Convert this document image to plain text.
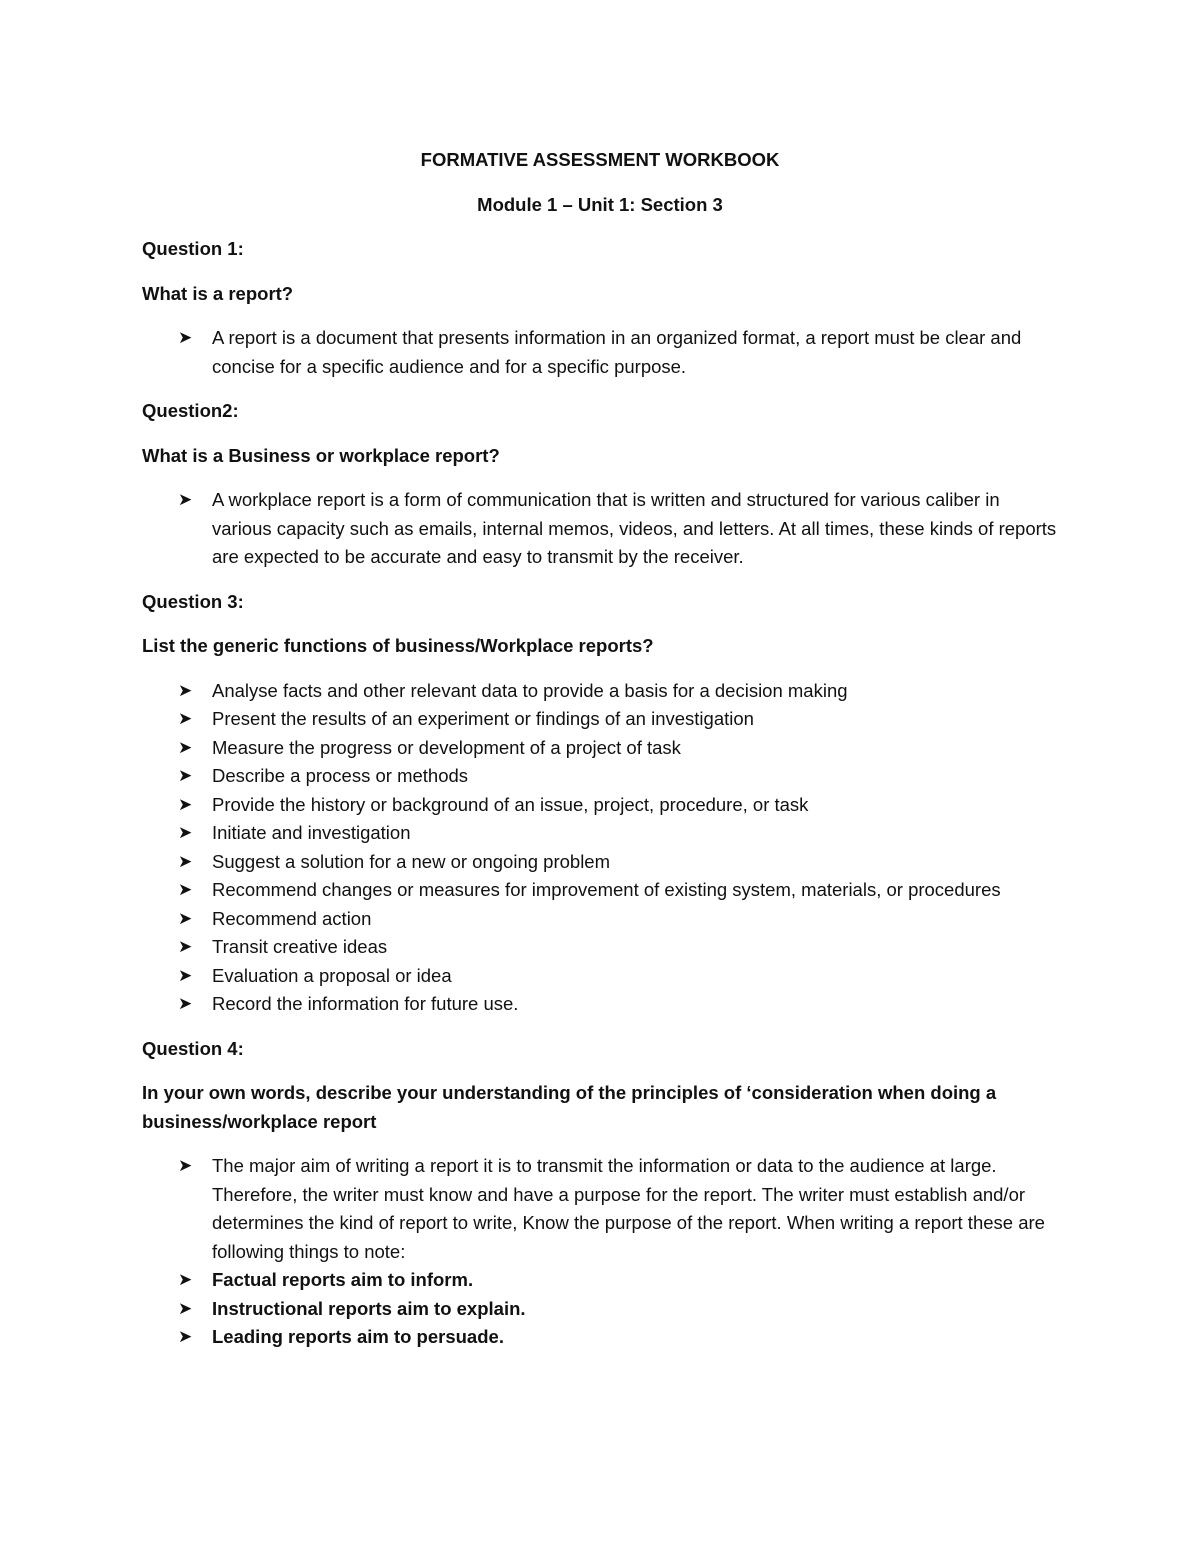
FORMATIVE ASSESSMENT WORKBOOK
Module 1 – Unit 1: Section 3
Question 1:
What is a report?
➤ A report is a document that presents information in an organized format, a report must be clear and concise for a specific audience and for a specific purpose.
Question2:
What is a Business or workplace report?
➤ A workplace report is a form of communication that is written and structured for various caliber in various capacity such as emails, internal memos, videos, and letters. At all times, these kinds of reports are expected to be accurate and easy to transmit by the receiver.
Question 3:
List the generic functions of business/Workplace reports?
➤ Analyse facts and other relevant data to provide a basis for a decision making
➤ Present the results of an experiment or findings of an investigation
➤ Measure the progress or development of a project of task
➤ Describe a process or methods
➤ Provide the history or background of an issue, project, procedure, or task
➤ Initiate and investigation
➤ Suggest a solution for a new or ongoing problem
➤ Recommend changes or measures for improvement of existing system, materials, or procedures
➤ Recommend action
➤ Transit creative ideas
➤ Evaluation a proposal or idea
➤ Record the information for future use.
Question 4:
In your own words, describe your understanding of the principles of ‘consideration when doing a business/workplace report
➤ The major aim of writing a report it is to transmit the information or data to the audience at large. Therefore, the writer must know and have a purpose for the report. The writer must establish and/or determines the kind of report to write, Know the purpose of the report. When writing a report these are following things to note:
➤ Factual reports aim to inform.
➤ Instructional reports aim to explain.
➤ Leading reports aim to persuade.
